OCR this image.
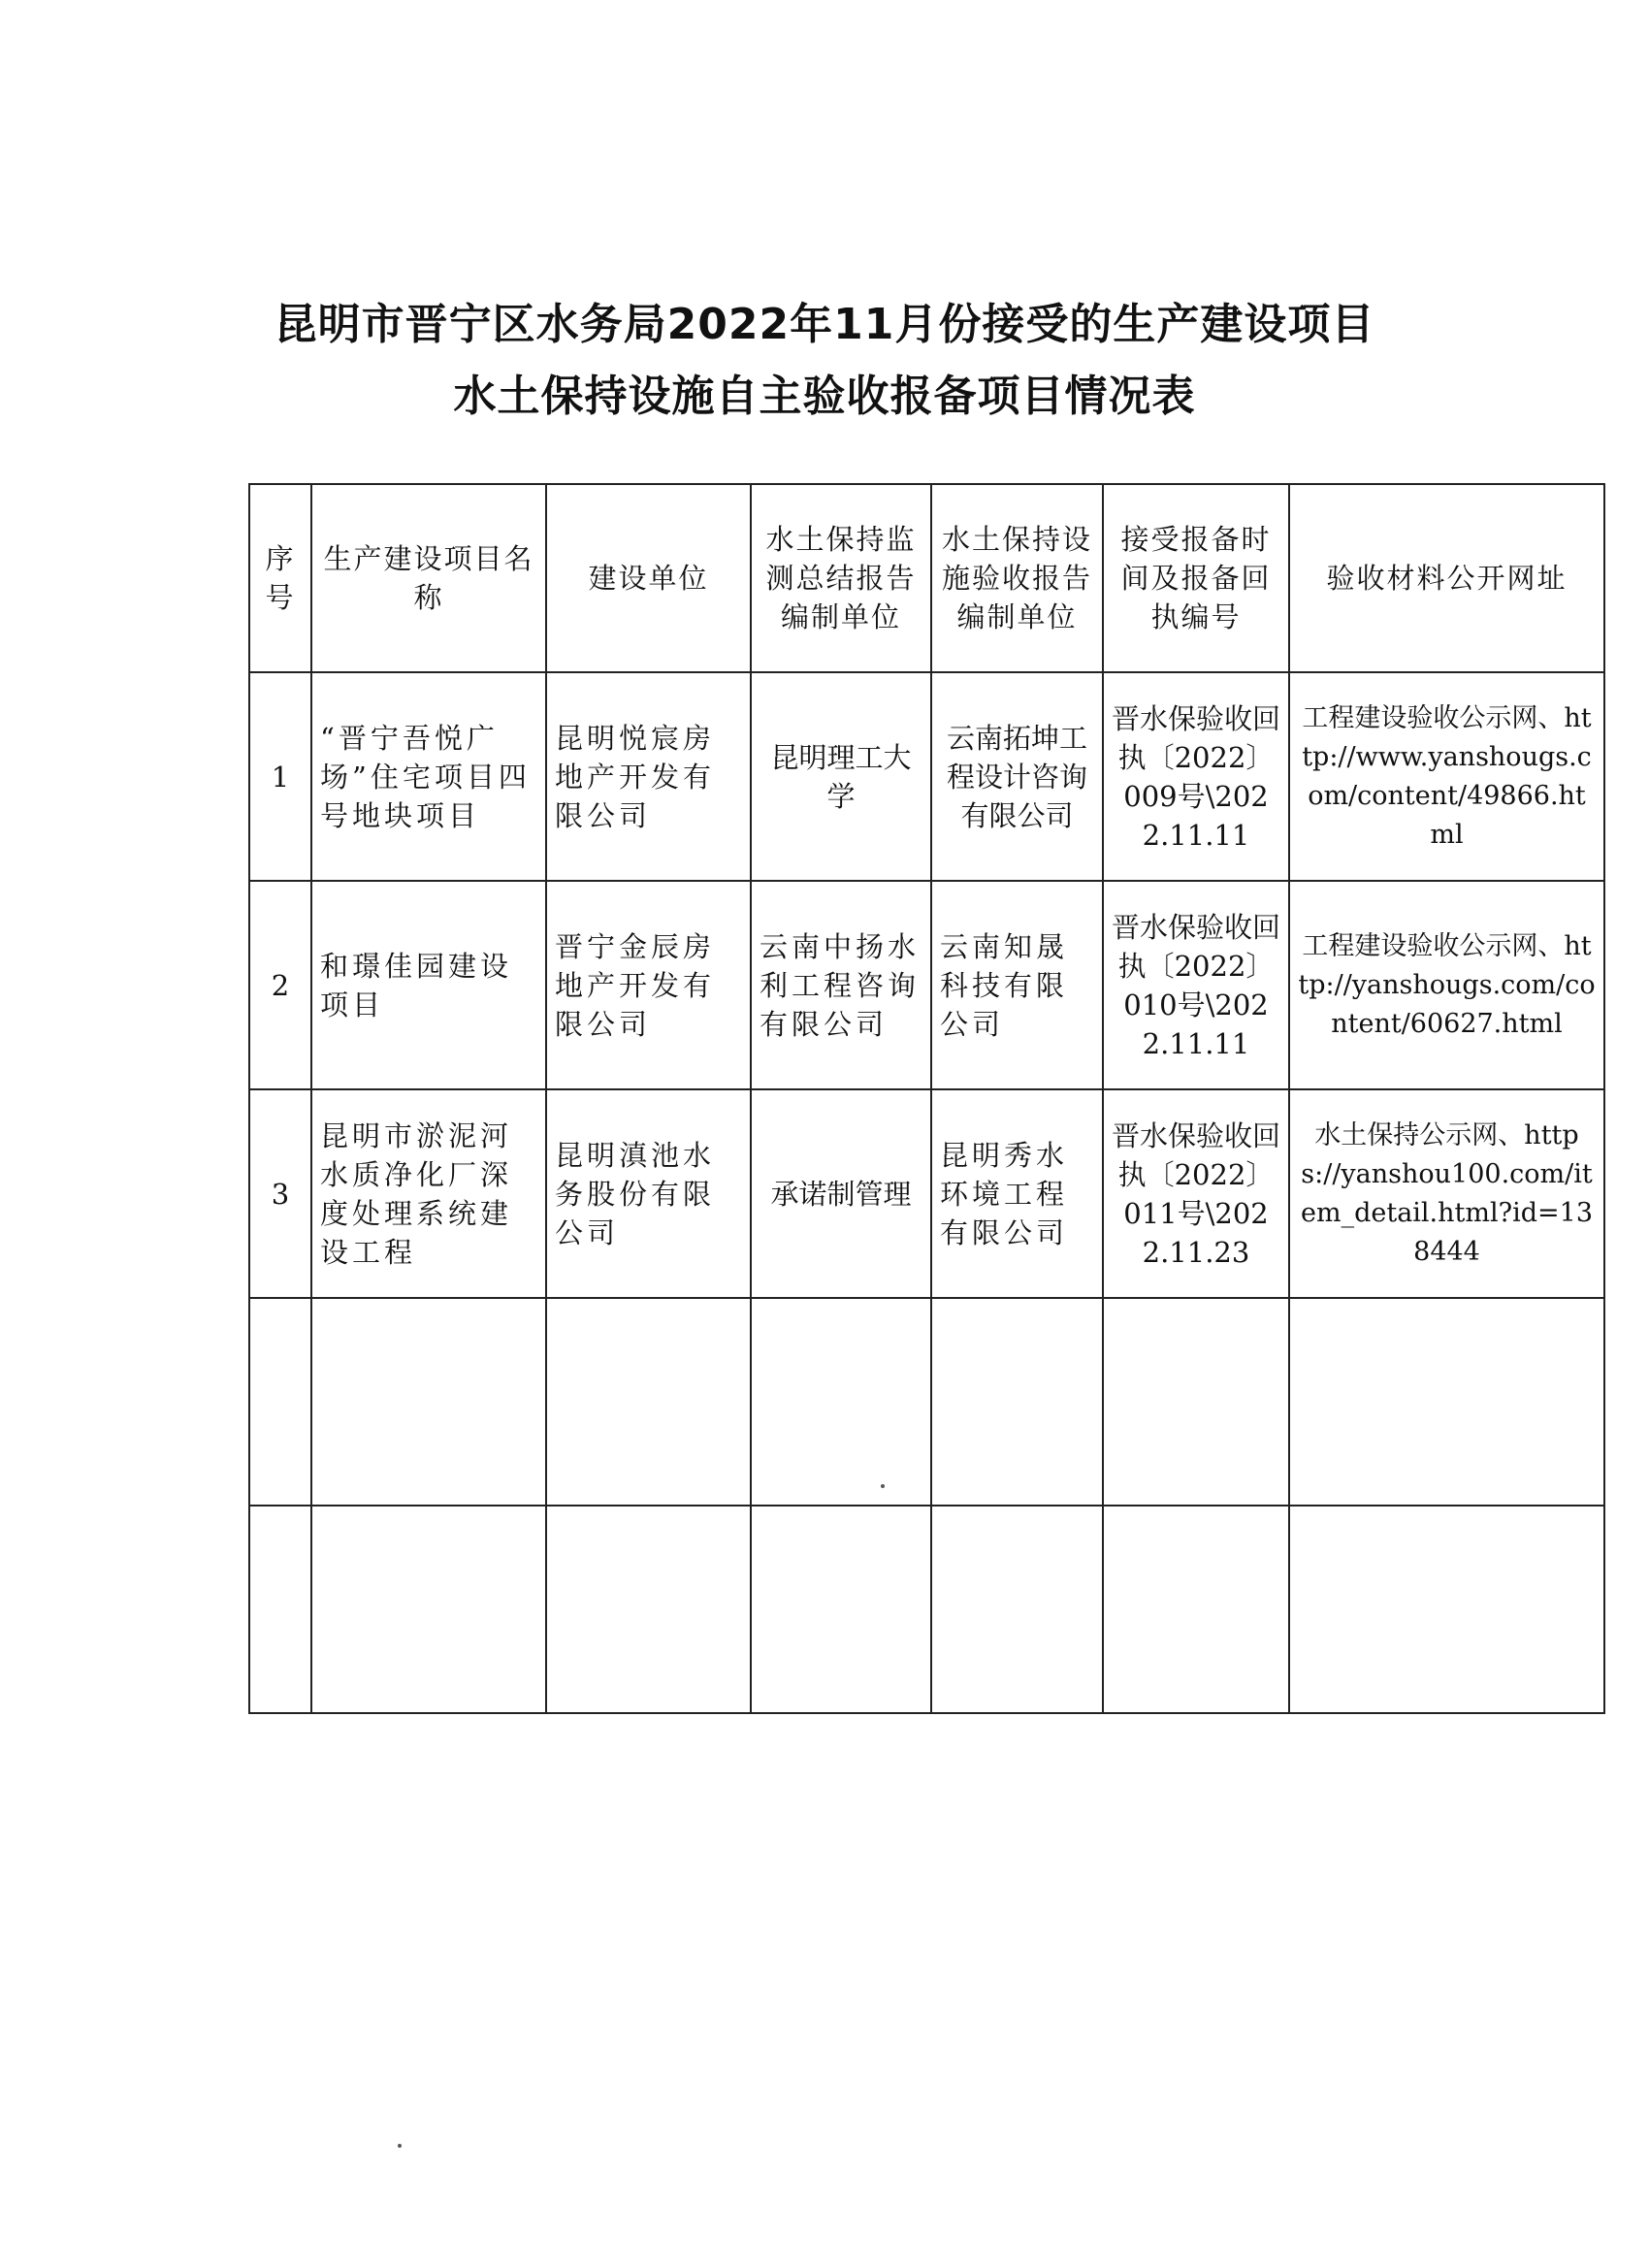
昆明市晋宁区水务局2022年11月份接受的生产建设项目
水土保持设施自主验收报备项目情况表
序号	生产建设项目名称	建设单位	水土保持监测总结报告编制单位	水土保持设施验收报告编制单位	接受报备时间及报备回执编号	验收材料公开网址
1	“晋宁吾悦广场”住宅项目四号地块项目	昆明悦宸房地产开发有限公司	昆明理工大学	云南拓坤工程设计咨询有限公司	晋水保验收回执〔2022〕009号\2022.11.11	工程建设验收公示网、http://www.yanshougs.com/content/49866.html
2	和璟佳园建设项目	晋宁金辰房地产开发有限公司	云南中扬水利工程咨询有限公司	云南知晟科技有限公司	晋水保验收回执〔2022〕010号\2022.11.11	工程建设验收公示网、http://yanshougs.com/content/60627.html
3	昆明市淤泥河水质净化厂深度处理系统建设工程	昆明滇池水务股份有限公司	承诺制管理	昆明秀水环境工程有限公司	晋水保验收回执〔2022〕011号\2022.11.23	水土保持公示网、https://yanshou100.com/item_detail.html?id=138444
